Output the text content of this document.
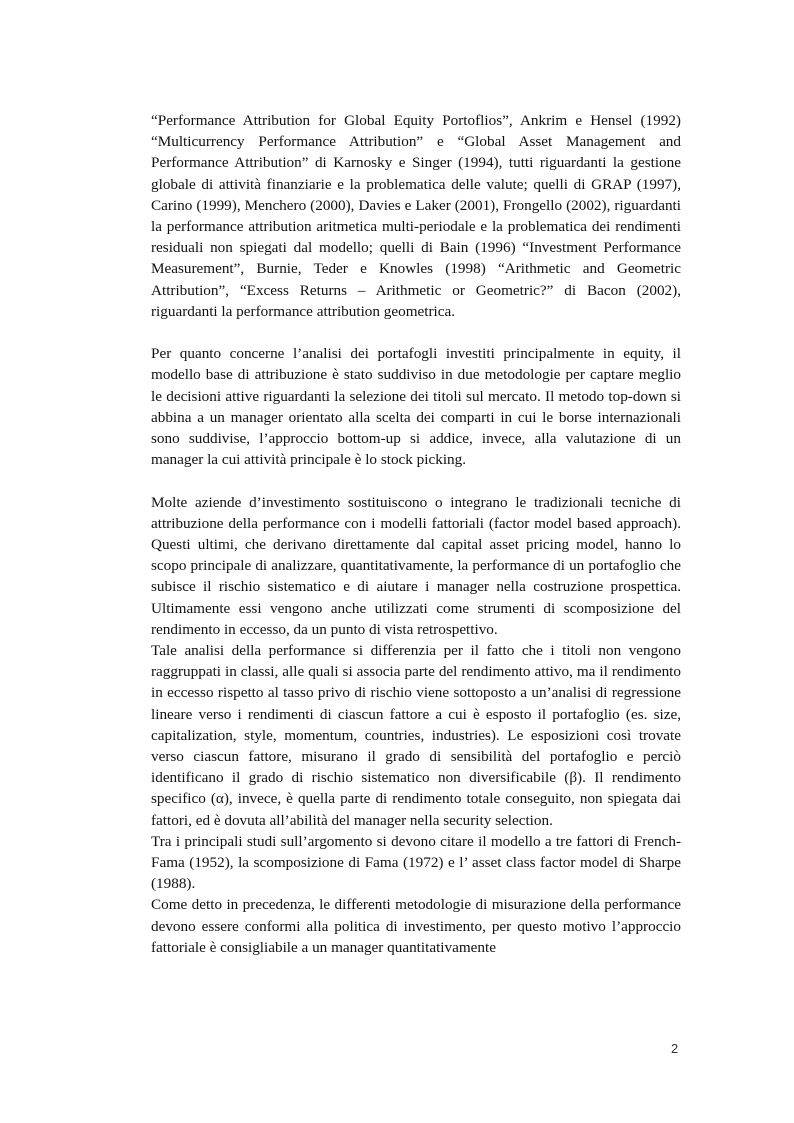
“Performance Attribution for Global Equity Portoflios”, Ankrim e Hensel (1992) “Multicurrency Performance Attribution” e “Global Asset Management and Performance Attribution” di Karnosky e Singer (1994), tutti riguardanti la gestione globale di attività finanziarie e la problematica delle valute; quelli di GRAP (1997), Carino (1999), Menchero (2000), Davies e Laker (2001), Frongello (2002), riguardanti la performance attribution aritmetica multi-periodale e la problematica dei rendimenti residuali non spiegati dal modello; quelli di Bain (1996) “Investment Performance Measurement”, Burnie, Teder e Knowles (1998) “Arithmetic and Geometric Attribution”, “Excess Returns – Arithmetic or Geometric?” di Bacon (2002), riguardanti la performance attribution geometrica.

Per quanto concerne l’analisi dei portafogli investiti principalmente in equity, il modello base di attribuzione è stato suddiviso in due metodologie per captare meglio le decisioni attive riguardanti la selezione dei titoli sul mercato. Il metodo top-down si abbina a un manager orientato alla scelta dei comparti in cui le borse internazionali sono suddivise, l’approccio bottom-up si addice, invece, alla valutazione di un manager la cui attività principale è lo stock picking.

Molte aziende d’investimento sostituiscono o integrano le tradizionali tecniche di attribuzione della performance con i modelli fattoriali (factor model based approach). Questi ultimi, che derivano direttamente dal capital asset pricing model, hanno lo scopo principale di analizzare, quantitativamente, la performance di un portafoglio che subisce il rischio sistematico e di aiutare i manager nella costruzione prospettica. Ultimamente essi vengono anche utilizzati come strumenti di scomposizione del rendimento in eccesso, da un punto di vista retrospettivo.

Tale analisi della performance si differenzia per il fatto che i titoli non vengono raggruppati in classi, alle quali si associa parte del rendimento attivo, ma il rendimento in eccesso rispetto al tasso privo di rischio viene sottoposto a un’analisi di regressione lineare verso i rendimenti di ciascun fattore a cui è esposto il portafoglio (es. size, capitalization, style, momentum, countries, industries). Le esposizioni così trovate verso ciascun fattore, misurano il grado di sensibilità del portafoglio e perciò identificano il grado di rischio sistematico non diversificabile (β). Il rendimento specifico (α), invece, è quella parte di rendimento totale conseguito, non spiegata dai fattori, ed è dovuta all’abilità del manager nella security selection.

Tra i principali studi sull’argomento si devono citare il modello a tre fattori di French-Fama (1952), la scomposizione di Fama (1972) e l’ asset class factor model di Sharpe (1988).

Come detto in precedenza, le differenti metodologie di misurazione della performance devono essere conformi alla politica di investimento, per questo motivo l’approccio fattoriale è consigliabile a un manager quantitativamente

2
